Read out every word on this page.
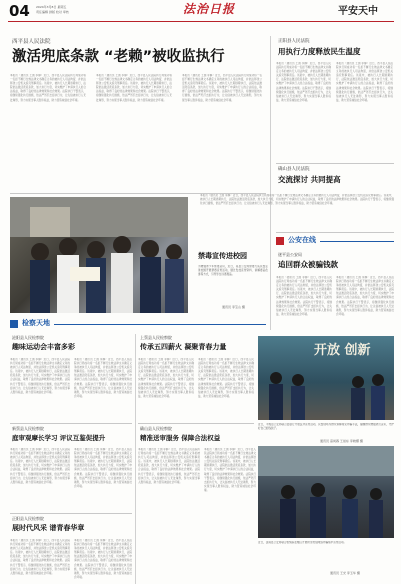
04 2024年3月8日 星期五
责任编辑 排版 校对 审核	法治日报	平安天中
西平县人民法院
激活兜底条款 “老赖”被收监执行
本报讯（通讯员 王国 李静）近日，西平县人民法院执行局成功将一名拒不履行生效法律文书确定义务的被执行人司法拘留，并依法移送公安机关追究刑事责任。该案中，被执行人长期逃避执行，法院依法激活兜底条款，加大执行力度，切实维护了申请执行人的合法权益，取得了良好的法律效果和社会效果。法院执行干警表示，将继续强化执行措施，依法严厉打击拒执行为，让失信被执行人无处遁形，努力实现当事人胜诉权益，助力营造诚信社会环境。
本报讯（通讯员 王国 李静）近日，西平县人民法院执行局成功将一名拒不履行生效法律文书确定义务的被执行人司法拘留，并依法移送公安机关追究刑事责任。该案中，被执行人长期逃避执行，法院依法激活兜底条款，加大执行力度，切实维护了申请执行人的合法权益，取得了良好的法律效果和社会效果。法院执行干警表示，将继续强化执行措施，依法严厉打击拒执行为，让失信被执行人无处遁形，努力实现当事人胜诉权益，助力营造诚信社会环境。
本报讯（通讯员 王国 李静）近日，西平县人民法院执行局成功将一名拒不履行生效法律文书确定义务的被执行人司法拘留，并依法移送公安机关追究刑事责任。该案中，被执行人长期逃避执行，法院依法激活兜底条款，加大执行力度，切实维护了申请执行人的合法权益，取得了良好的法律效果和社会效果。法院执行干警表示，将继续强化执行措施，依法严厉打击拒执行为，让失信被执行人无处遁形，努力实现当事人胜诉权益，助力营造诚信社会环境。
正阳县人民法院
用执行力度释放民生温度
本报讯（通讯员 王国 李静）近日，西平县人民法院执行局成功将一名拒不履行生效法律文书确定义务的被执行人司法拘留，并依法移送公安机关追究刑事责任。该案中，被执行人长期逃避执行，法院依法激活兜底条款，加大执行力度，切实维护了申请执行人的合法权益，取得了良好的法律效果和社会效果。法院执行干警表示，将继续强化执行措施，依法严厉打击拒执行为，让失信被执行人无处遁形，努力实现当事人胜诉权益，助力营造诚信社会环境。
本报讯（通讯员 王国 李静）近日，西平县人民法院执行局成功将一名拒不履行生效法律文书确定义务的被执行人司法拘留，并依法移送公安机关追究刑事责任。该案中，被执行人长期逃避执行，法院依法激活兜底条款，加大执行力度，切实维护了申请执行人的合法权益，取得了良好的法律效果和社会效果。法院执行干警表示，将继续强化执行措施，依法严厉打击拒执行为，让失信被执行人无处遁形，努力实现当事人胜诉权益，助力营造诚信社会环境。
确山县人民法院
交流探讨 共同提高
本报讯（通讯员 王国 李静）近日，西平县人民法院执行局成功将一名拒不履行生效法律文书确定义务的被执行人司法拘留，并依法移送公安机关追究刑事责任。该案中，被执行人长期逃避执行，法院依法激活兜底条款，加大执行力度，切实维护了申请执行人的合法权益，取得了良好的法律效果和社会效果。法院执行干警表示，将继续强化执行措施，依法严厉打击拒执行为，让失信被执行人无处遁形，努力实现当事人胜诉权益，助力营造诚信社会环境。
禁毒宣传进校园
为增强青少年禁毒意识，近日，某县公安局禁毒大队民警走进校园开展禁毒宣传活动，通过发放宣传资料、讲解毒品危害等方式，引导学生远离毒品。
通讯员 李宝山 摄
公安在线
遂平县公安局
追回群众被骗钱款
本报讯（通讯员 王国 李静）近日，西平县人民法院执行局成功将一名拒不履行生效法律文书确定义务的被执行人司法拘留，并依法移送公安机关追究刑事责任。该案中，被执行人长期逃避执行，法院依法激活兜底条款，加大执行力度，切实维护了申请执行人的合法权益，取得了良好的法律效果和社会效果。法院执行干警表示，将继续强化执行措施，依法严厉打击拒执行为，让失信被执行人无处遁形，努力实现当事人胜诉权益，助力营造诚信社会环境。
本报讯（通讯员 王国 李静）近日，西平县人民法院执行局成功将一名拒不履行生效法律文书确定义务的被执行人司法拘留，并依法移送公安机关追究刑事责任。该案中，被执行人长期逃避执行，法院依法激活兜底条款，加大执行力度，切实维护了申请执行人的合法权益，取得了良好的法律效果和社会效果。法院执行干警表示，将继续强化执行措施，依法严厉打击拒执行为，让失信被执行人无处遁形，努力实现当事人胜诉权益，助力营造诚信社会环境。
开放 创新
近日，平舆县公安局联合县银行开展反诈宣传活动，民警现场为群众讲解常见诈骗手法，提醒群众增强防范意识，守护好自己的钱袋子。
通讯员 高尚蓉 王旭东 李晓娜 摄
检察天地
泌阳县人民检察院
趣味运动会丰富多彩
本报讯（通讯员 王国 李静）近日，西平县人民法院执行局成功将一名拒不履行生效法律文书确定义务的被执行人司法拘留，并依法移送公安机关追究刑事责任。该案中，被执行人长期逃避执行，法院依法激活兜底条款，加大执行力度，切实维护了申请执行人的合法权益，取得了良好的法律效果和社会效果。法院执行干警表示，将继续强化执行措施，依法严厉打击拒执行为，让失信被执行人无处遁形，努力实现当事人胜诉权益，助力营造诚信社会环境。
本报讯（通讯员 王国 李静）近日，西平县人民法院执行局成功将一名拒不履行生效法律文书确定义务的被执行人司法拘留，并依法移送公安机关追究刑事责任。该案中，被执行人长期逃避执行，法院依法激活兜底条款，加大执行力度，切实维护了申请执行人的合法权益，取得了良好的法律效果和社会效果。法院执行干警表示，将继续强化执行措施，依法严厉打击拒执行为，让失信被执行人无处遁形，努力实现当事人胜诉权益，助力营造诚信社会环境。
上蔡县人民检察院
传承五四薪火 凝聚青春力量
本报讯（通讯员 王国 李静）近日，西平县人民法院执行局成功将一名拒不履行生效法律文书确定义务的被执行人司法拘留，并依法移送公安机关追究刑事责任。该案中，被执行人长期逃避执行，法院依法激活兜底条款，加大执行力度，切实维护了申请执行人的合法权益，取得了良好的法律效果和社会效果。法院执行干警表示，将继续强化执行措施，依法严厉打击拒执行为，让失信被执行人无处遁形，努力实现当事人胜诉权益，助力营造诚信社会环境。
本报讯（通讯员 王国 李静）近日，西平县人民法院执行局成功将一名拒不履行生效法律文书确定义务的被执行人司法拘留，并依法移送公安机关追究刑事责任。该案中，被执行人长期逃避执行，法院依法激活兜底条款，加大执行力度，切实维护了申请执行人的合法权益，取得了良好的法律效果和社会效果。法院执行干警表示，将继续强化执行措施，依法严厉打击拒执行为，让失信被执行人无处遁形，努力实现当事人胜诉权益，助力营造诚信社会环境。
新蔡县人民检察院
庭审观摩长学习 评议互鉴促提升
本报讯（通讯员 王国 李静）近日，西平县人民法院执行局成功将一名拒不履行生效法律文书确定义务的被执行人司法拘留，并依法移送公安机关追究刑事责任。该案中，被执行人长期逃避执行，法院依法激活兜底条款，加大执行力度，切实维护了申请执行人的合法权益，取得了良好的法律效果和社会效果。法院执行干警表示，将继续强化执行措施，依法严厉打击拒执行为，让失信被执行人无处遁形，努力实现当事人胜诉权益，助力营造诚信社会环境。
本报讯（通讯员 王国 李静）近日，西平县人民法院执行局成功将一名拒不履行生效法律文书确定义务的被执行人司法拘留，并依法移送公安机关追究刑事责任。该案中，被执行人长期逃避执行，法院依法激活兜底条款，加大执行力度，切实维护了申请执行人的合法权益，取得了良好的法律效果和社会效果。法院执行干警表示，将继续强化执行措施，依法严厉打击拒执行为，让失信被执行人无处遁形，努力实现当事人胜诉权益，助力营造诚信社会环境。
确山县人民检察院
精准送审服务 保障合法权益
本报讯（通讯员 王国 李静）近日，西平县人民法院执行局成功将一名拒不履行生效法律文书确定义务的被执行人司法拘留，并依法移送公安机关追究刑事责任。该案中，被执行人长期逃避执行，法院依法激活兜底条款，加大执行力度，切实维护了申请执行人的合法权益，取得了良好的法律效果和社会效果。法院执行干警表示，将继续强化执行措施，依法严厉打击拒执行为，让失信被执行人无处遁形，努力实现当事人胜诉权益，助力营造诚信社会环境。
本报讯（通讯员 王国 李静）近日，西平县人民法院执行局成功将一名拒不履行生效法律文书确定义务的被执行人司法拘留，并依法移送公安机关追究刑事责任。该案中，被执行人长期逃避执行，法院依法激活兜底条款，加大执行力度，切实维护了申请执行人的合法权益，取得了良好的法律效果和社会效果。法院执行干警表示，将继续强化执行措施，依法严厉打击拒执行为，让失信被执行人无处遁形，努力实现当事人胜诉权益，助力营造诚信社会环境。
正阳县人民检察院
展时代风采 谱青春华章
本报讯（通讯员 王国 李静）近日，西平县人民法院执行局成功将一名拒不履行生效法律文书确定义务的被执行人司法拘留，并依法移送公安机关追究刑事责任。该案中，被执行人长期逃避执行，法院依法激活兜底条款，加大执行力度，切实维护了申请执行人的合法权益，取得了良好的法律效果和社会效果。法院执行干警表示，将继续强化执行措施，依法严厉打击拒执行为，让失信被执行人无处遁形，努力实现当事人胜诉权益，助力营造诚信社会环境。
本报讯（通讯员 王国 李静）近日，西平县人民法院执行局成功将一名拒不履行生效法律文书确定义务的被执行人司法拘留，并依法移送公安机关追究刑事责任。该案中，被执行人长期逃避执行，法院依法激活兜底条款，加大执行力度，切实维护了申请执行人的合法权益，取得了良好的法律效果和社会效果。法院执行干警表示，将继续强化执行措施，依法严厉打击拒执行为，让失信被执行人无处遁形，努力实现当事人胜诉权益，助力营造诚信社会环境。
近日，汝南县公安局联合检察院在辖区开展防范电信网络诈骗集中宣传活动。
通讯员 王光 李玉华 摄
